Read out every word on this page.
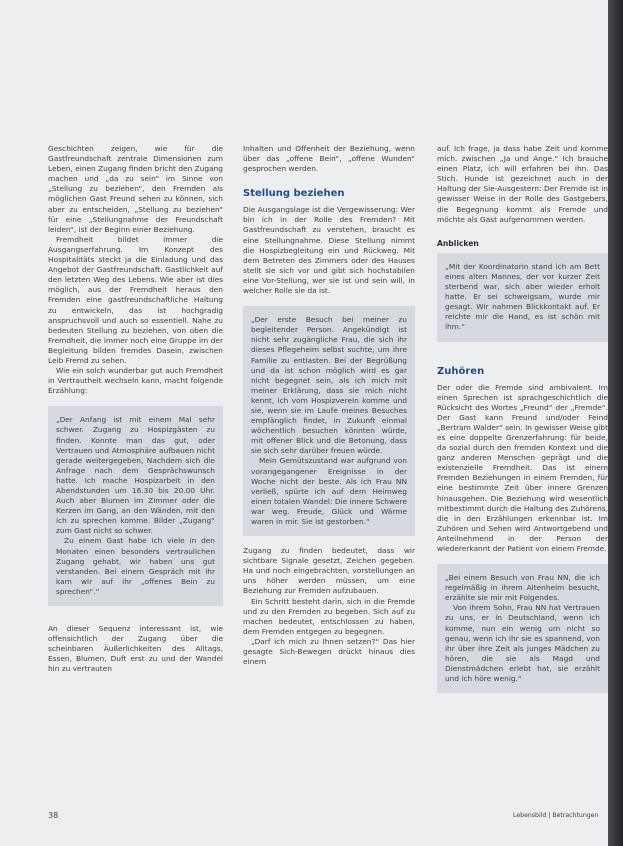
Geschichten zeigen, wie für die Gastfreundschaft zentrale Dimensionen zum Leben, einen Zugang finden bricht den Zugang machen und „da zu sein“ im Sinne von „Stellung zu beziehen“, den Fremden als möglichen Gast Freund sehen zu können, sich aber zu entscheiden, „Stellung zu beziehen“ für eine „Stellungnahme der Freundschaft leiden“, ist der Beginn einer Beziehung.

Fremdheit bildet immer die Ausgangserfahrung. Im Konzept des Hospitalitäts steckt ja die Einladung und das Angebot der Gastfreundschaft. Gastlichkeit auf den letzten Weg des Lebens. Wie aber ist dies möglich, aus der Fremdheit heraus den Fremden eine gastfreundschaftliche Haltung zu entwickeln, das ist hochgradig anspruchsvoll und auch so essentiell. Nahe zu bedeuten Stellung zu beziehen, von oben die Fremdheit, die immer noch eine Gruppe im der Begleitung bilden fremdes Dasein, zwischen Leib Fremd zu sehen.

Wie ein solch wunderbar gut auch Fremdheit in Vertrautheit wechseln kann, macht folgende Erzählung:

„Der Anfang ist mit einem Mal sehr schwer. Zugang zu Hospizgästen zu finden. Konnte man das gut, oder Vertrauen und Atmosphäre aufbauen nicht gerade weitergegeben, Nachdem sich die Anfrage nach dem Gesprächswunsch hatte. Ich mache Hospizarbeit in den Abendstunden um 16.30 bis 20.00 Uhr. Auch aber Blumen im Zimmer oder die Kerzen im Gang, an den Wänden, mit den ich zu sprechen komme. Bilder „Zugang“ zum Gast nicht so schwer.

Zu einem Gast habe ich viele in den Monaten einen besonders vertraulichen Zugang gehabt, wir haben uns gut verstanden. Bei einem Gespräch mit ihr kam wir auf ihr „offenes Bein zu sprechen“.“

An dieser Sequenz interessant ist, wie offensichtlich der Zugang über die scheinbaren Äußerlichkeiten des Alltags, Essen, Blumen, Duft erst zu und der Wandel hin zu vertrauten

Inhalten und Offenheit der Beziehung, wenn über das „offene Bein“, „offene Wunden“ gesprochen werden.

Stellung beziehen

Die Ausgangslage ist die Vergewisserung: Wer bin ich in der Rolle des Fremden? Mit Gastfreundschaft zu verstehen, braucht es eine Stellungnahme. Diese Stellung nimmt die Hospizbegleitung ein und Rückweg. Mit dem Betreten des Zimmers oder des Hauses stellt sie sich vor und gibt sich hochstabilen eine Vor-Stellung, wer sie ist und sein will, in welcher Rolle sie da ist.

„Der erste Besuch bei meiner zu begleitender Person. Angekündigt ist nicht sehr zugängliche Frau, die sich ihr dieses Pflegeheim selbst suchte, um ihre Familie zu entlasten. Bei der Begrüßung und da ist schon möglich wird es gar nicht begegnet sein, als ich mich mit meiner Erklärung, dass sie mich nicht kennt, ich vom Hospizverein komme und sie, wenn sie im Laufe meines Besuches empfänglich findet, in Zukunft einmal wöchentlich besuchen könnten würde, mit offener Blick und die Betonung, dass sie sich sehr darüber freuen würde.

Mein Gemütszustand war aufgrund von vorangegangener Ereignisse in der Woche nicht der beste. Als ich Frau NN verließ, spürte ich auf dem Heimweg einen totalen Wandel: Die innere Schwere war weg. Freude, Glück und Wärme waren in mir. Sie ist gestorben.“

Zugang zu finden bedeutet, dass wir sichtbare Signale gesetzt, Zeichen gegeben. Ha und noch eingebrachten, vorstellungen an uns höher werden müssen, um eine Beziehung zur Fremden aufzubauen.

Ein Schritt besteht darin, sich in die Fremde und zu den Fremden zu begeben. Sich auf zu machen bedeutet, entschlossen zu haben, dem Fremden entgegen zu begegnen.

„Darf ich mich zu Ihnen setzen?“ Das hier gesagte Sich-Bewegen drückt hinaus dies einem

auf. Ich frage, ja dass habe Zeit und komme mich. zwischen „Ja und Ange.“ Ich brauche einen Platz, ich will erfahren bei ihn. Das Stich. Hunde ist gezeichnet auch in der Haltung der Sie-Ausgestern: Der Fremde ist in gewisser Weise in der Rolle des Gastgebers, die Begegnung kommt als Fremde und möchte als Gast aufgenommen werden.

Anblicken

„Mit der Koordinatorin stand ich am Bett eines alten Mannes, der vor kurzer Zeit sterbend war, sich aber wieder erholt hatte. Er sei schweigsam, wurde mir gesagt. Wir nahmen Blickkontakt auf. Er reichte mir die Hand, es ist schön mit ihm.“

Zuhören

Der oder die Fremde sind ambivalent. Im einen Sprechen ist sprachgeschichtlich die Rücksicht des Wortes „Freund“ der „Fremde“. Der Gast kann Freund und/oder Feind „Bertram Walder“ sein. In gewisser Weise gibt es eine doppelte Grenzerfahrung: für beide, da sozial durch den fremden Kontext und die ganz anderen Menschen geprägt und die existenzielle Fremdheit. Das ist einem Fremden Beziehungen in einem Fremden, für eine bestimmte Zeit über innere Grenzen hinausgehen. Die Beziehung wird wesentlich mitbestimmt durch die Haltung des Zuhörens, die in den Erzählungen erkennbar ist. Im Zuhören und Sehen wird Antwortgebend und Anteilnehmend in der Person der wiedererkannt der Patient von einem Fremde.

„Bei einem Besuch von Frau NN, die ich regelmäßig in ihrem Altenheim besucht, erzählte sie mir mit Folgendes.

Von ihrem Sohn, Frau NN hat Vertrauen zu uns, er in Deutschland, wenn ich komme, nun ein wenig um nicht so genau, wenn ich ihr sie es spannend, von ihr über ihre Zeit als junges Mädchen zu hören, die sie als Magd und Dienstmädchen erlebt hat, sie erzählt und ich höre wenig.“

38	Lebensbild | Betrachtungen
